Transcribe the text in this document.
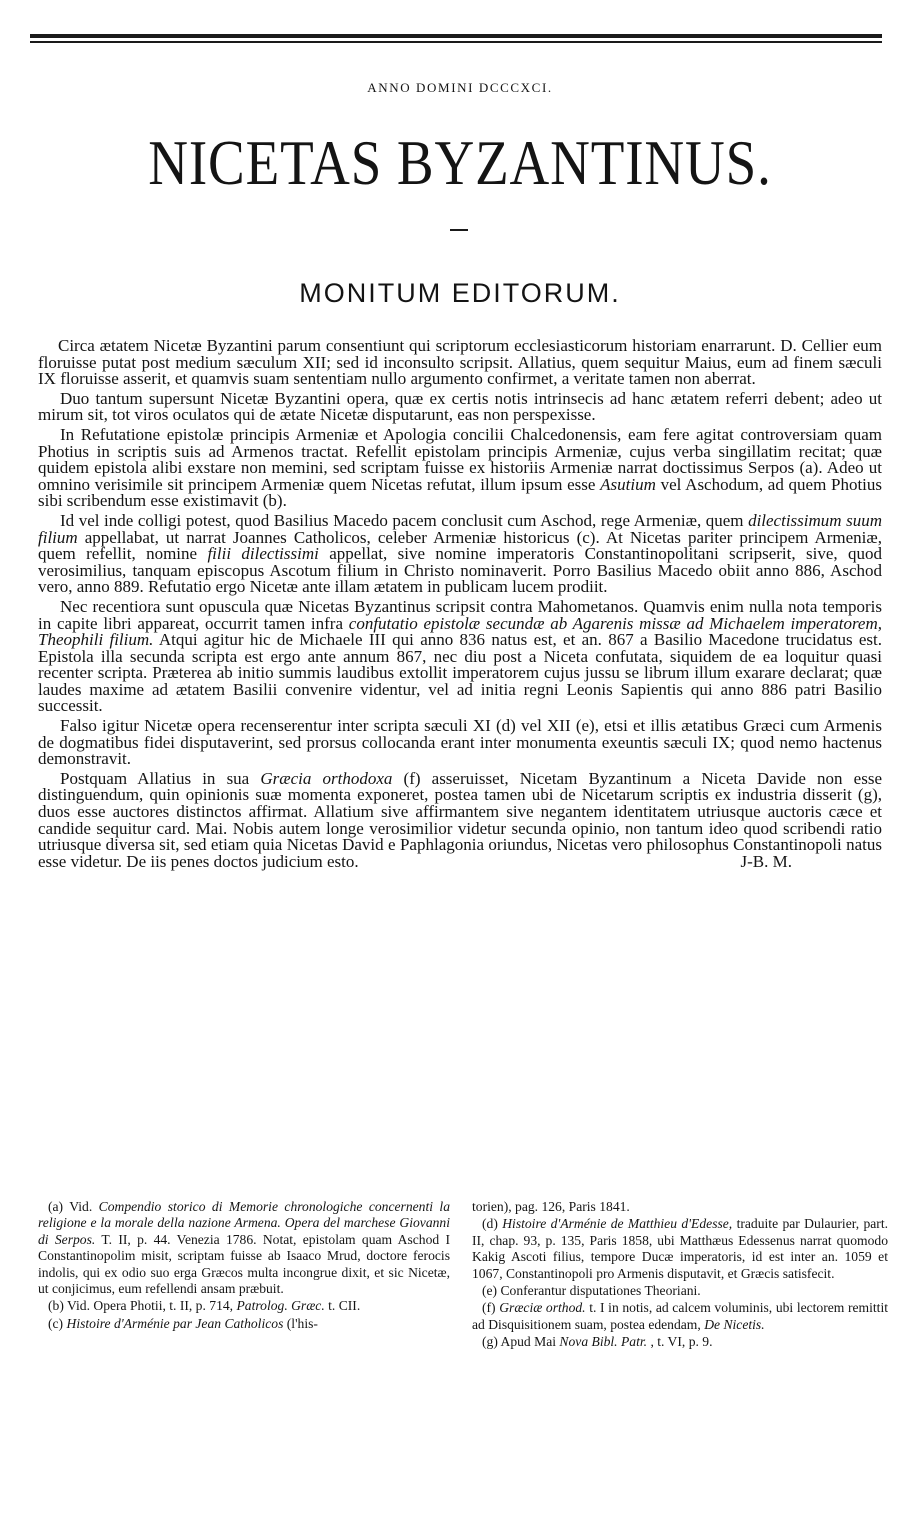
ANNO DOMINI DCCCXCI.
NICETAS BYZANTINUS.
MONITUM EDITORUM.

Circa ætatem Nicetæ Byzantini parum consentiunt qui scriptorum ecclesiasticorum historiam enarrarunt. D. Cellier eum floruisse putat post medium sæculum XII; sed id inconsulto scripsit. Allatius, quem sequitur Maius, eum ad finem sæculi IX floruisse asserit, et quamvis suam sententiam nullo argumento confirmet, a veritate tamen non aberrat.

Duo tantum supersunt Nicetæ Byzantini opera, quæ ex certis notis intrinsecis ad hanc ætatem referri debent; adeo ut mirum sit, tot viros oculatos qui de ætate Nicetæ disputarunt, eas non perspexisse.

In Refutatione epistolæ principis Armeniæ et Apologia concilii Chalcedonensis, eam fere agitat controversiam quam Photius in scriptis suis ad Armenos tractat. Refellit epistolam principis Armeniæ, cujus verba singillatim recitat; quæ quidem epistola alibi exstare non memini, sed scriptam fuisse ex historiis Armeniæ narrat doctissimus Serpos (a). Adeo ut omnino verisimile sit principem Armeniæ quem Nicetas refutat, illum ipsum esse Asutium vel Aschodum, ad quem Photius sibi scribendum esse existimavit (b).

Id vel inde colligi potest, quod Basilius Macedo pacem conclusit cum Aschod, rege Armeniæ, quem dilectissimum suum filium appellabat, ut narrat Joannes Catholicos, celeber Armeniæ historicus (c). At Nicetas pariter principem Armeniæ, quem refellit, nomine filii dilectissimi appellat, sive nomine imperatoris Constantinopolitani scripserit, sive, quod verosimilius, tanquam episcopus Ascotum filium in Christo nominaverit. Porro Basilius Macedo obiit anno 886, Aschod vero, anno 889. Refutatio ergo Nicetæ ante illam ætatem in publicam lucem prodiit.

Nec recentiora sunt opuscula quæ Nicetas Byzantinus scripsit contra Mahometanos. Quamvis enim nulla nota temporis in capite libri appareat, occurrit tamen infra confutatio epistolæ secundæ ab Agarenis missæ ad Michaelem imperatorem, Theophili filium. Atqui agitur hic de Michaele III qui anno 836 natus est, et an. 867 a Basilio Macedone trucidatus est. Epistola illa secunda scripta est ergo ante annum 867, nec diu post a Niceta confutata, siquidem de ea loquitur quasi recenter scripta. Præterea ab initio summis laudibus extollit imperatorem cujus jussu se librum illum exarare declarat; quæ laudes maxime ad ætatem Basilii convenire videntur, vel ad initia regni Leonis Sapientis qui anno 886 patri Basilio successit.

Falso igitur Nicetæ opera recenserentur inter scripta sæculi XI (d) vel XII (e), etsi et illis ætatibus Græci cum Armenis de dogmatibus fidei disputaverint, sed prorsus collocanda erant inter monumenta exeuntis sæculi IX; quod nemo hactenus demonstravit.

Postquam Allatius in sua Græcia orthodoxa (f) asseruisset, Nicetam Byzantinum a Niceta Davide non esse distinguendum, quin opinionis suæ momenta exponeret, postea tamen ubi de Nicetarum scriptis ex industria disserit (g), duos esse auctores distinctos affirmat. Allatium sive affirmantem sive negantem identitatem utriusque auctoris cæce et candide sequitur card. Mai. Nobis autem longe verosimilior videtur secunda opinio, non tantum ideo quod scribendi ratio utriusque diversa sit, sed etiam quia Nicetas David e Paphlagonia oriundus, Nicetas vero philosophus Constantinopoli natus esse videtur. De iis penes doctos judicium esto.	J-B. M.

(a) Vid. Compendio storico di Memorie chronologiche concernenti la religione e la morale della nazione Armena. Opera del marchese Giovanni di Serpos. T. II, p. 44. Venezia 1786. Notat, epistolam quam Aschod I Constantinopolim misit, scriptam fuisse ab Isaaco Mrud, doctore ferocis indolis, qui ex odio suo erga Græcos multa incongrue dixit, et sic Nicetæ, ut conjicimus, eum refellendi ansam præbuit.

(b) Vid. Opera Photii, t. II, p. 714, Patrolog. Græc. t. CII.

(c) Histoire d'Arménie par Jean Catholicos (l'his-

torien), pag. 126, Paris 1841.

(d) Histoire d'Arménie de Matthieu d'Edesse, traduite par Dulaurier, part. II, chap. 93, p. 135, Paris 1858, ubi Matthæus Edessenus narrat quomodo Kakig Ascoti filius, tempore Ducæ imperatoris, id est inter an. 1059 et 1067, Constantinopoli pro Armenis disputavit, et Græcis satisfecit.

(e) Conferantur disputationes Theoriani.

(f) Græciæ orthod. t. I in notis, ad calcem voluminis, ubi lectorem remittit ad Disquisitionem suam, postea edendam, De Nicetis.

(g) Apud Mai Nova Bibl. Patr. , t. VI, p. 9.
